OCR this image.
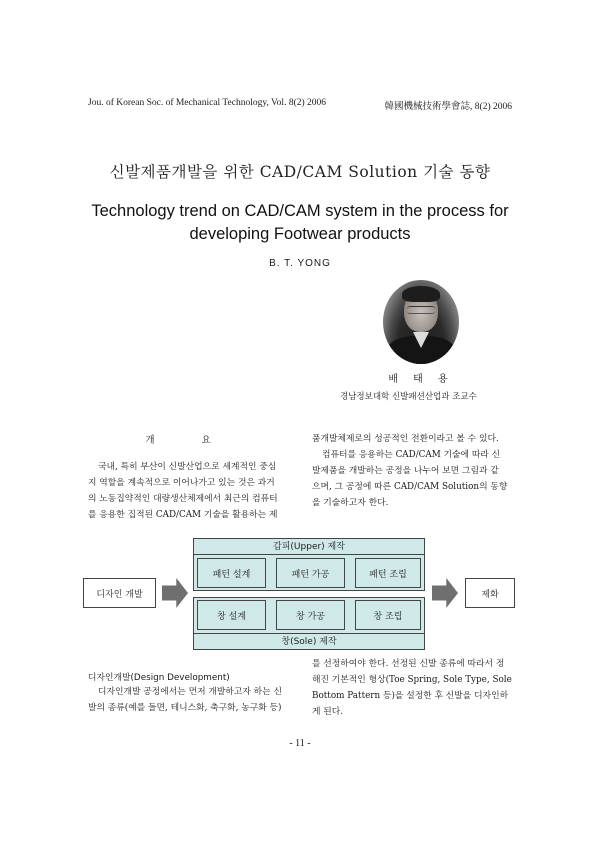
Jou. of Korean Soc. of Mechanical Technology, Vol. 8(2) 2006	韓國機械技術學會誌, 8(2) 2006
신발제품개발을 위한 CAD/CAM Solution 기술 동향
Technology trend on CAD/CAM system in the process for
developing Footwear products
B. T. YONG
배 태 용
경남정보대학 신발패션산업과 조교수
개 요

국내, 특히 부산이 신발산업으로 세계적인 중심

지 역할을 계속적으로 이어나가고 있는 것은 과거

의 노동집약적인 대량생산체제에서 최근의 컴퓨터

를 응용한 집적된 CAD/CAM 기술을 활용하는 제

품개발체제로의 성공적인 전환이라고 볼 수 있다.

컴퓨터를 응용하는 CAD/CAM 기술에 따라 신

발제품을 개발하는 공정을 나누어 보면 그림과 같

으며, 그 공정에 따른 CAD/CAM Solution의 동향

을 기술하고자 한다.

디자인 개발
갑피(Upper) 제작
패턴 설계	패턴 가공	패턴 조립
창 설계	창 가공	창 조립
창(Sole) 제작
제화
디자인개발(Design Development)

디자인개발 공정에서는 먼저 개발하고자 하는 신

발의 종류(예를 들면, 테니스화, 축구화, 농구화 등)

를 선정하여야 한다. 선정된 신발 종류에 따라서 정

해진 기본적인 형상(Toe Spring, Sole Type, Sole

Bottom Pattern 등)을 설정한 후 신발을 디자인하

게 된다.

- 11 -
